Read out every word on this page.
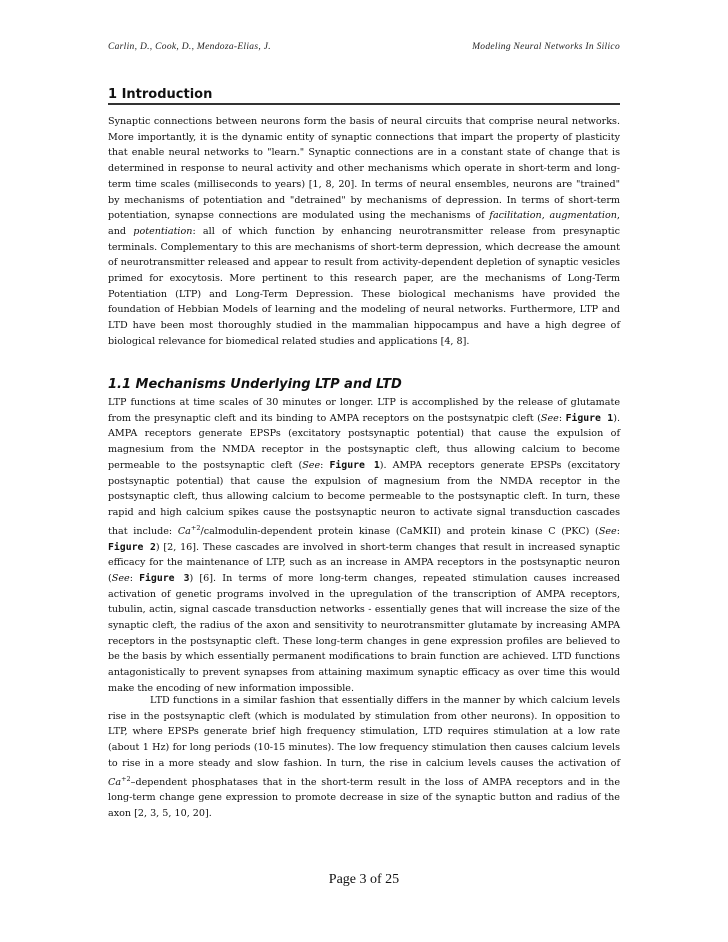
Carlin, D., Cook, D., Mendoza-Elias, J.	Modeling Neural Networks In Silico
1 Introduction
Synaptic connections between neurons form the basis of neural circuits that comprise neural networks. More importantly, it is the dynamic entity of synaptic connections that impart the property of plasticity that enable neural networks to "learn." Synaptic connections are in a constant state of change that is determined in response to neural activity and other mechanisms which operate in short-term and long-term time scales (milliseconds to years) [1, 8, 20]. In terms of neural ensembles, neurons are "trained" by mechanisms of potentiation and "detrained" by mechanisms of depression. In terms of short-term potentiation, synapse connections are modulated using the mechanisms of facilitation, augmentation, and potentiation: all of which function by enhancing neurotransmitter release from presynaptic terminals. Complementary to this are mechanisms of short-term depression, which decrease the amount of neurotransmitter released and appear to result from activity-dependent depletion of synaptic vesicles primed for exocytosis. More pertinent to this research paper, are the mechanisms of Long-Term Potentiation (LTP) and Long-Term Depression. These biological mechanisms have provided the foundation of Hebbian Models of learning and the modeling of neural networks. Furthermore, LTP and LTD have been most thoroughly studied in the mammalian hippocampus and have a high degree of biological relevance for biomedical related studies and applications [4, 8].
1.1 Mechanisms Underlying LTP and LTD
LTP functions at time scales of 30 minutes or longer. LTP is accomplished by the release of glutamate from the presynaptic cleft and its binding to AMPA receptors on the postsynatpic cleft (See: Figure 1). AMPA receptors generate EPSPs (excitatory postsynaptic potential) that cause the expulsion of magnesium from the NMDA receptor in the postsynaptic cleft, thus allowing calcium to become permeable to the postsynaptic cleft (See: Figure 1). AMPA receptors generate EPSPs (excitatory postsynaptic potential) that cause the expulsion of magnesium from the NMDA receptor in the postsynaptic cleft, thus allowing calcium to become permeable to the postsynaptic cleft. In turn, these rapid and high calcium spikes cause the postsynaptic neuron to activate signal transduction cascades that include: $Ca^{+2}/calmodulin$-dependent protein kinase (CaMKII) and protein kinase C (PKC) (See: Figure 2) [2, 16]. These cascades are involved in short-term changes that result in increased synaptic efficacy for the maintenance of LTP, such as an increase in AMPA receptors in the postsynaptic neuron (See: Figure 3) [6]. In terms of more long-term changes, repeated stimulation causes increased activation of genetic programs involved in the upregulation of the transcription of AMPA receptors, tubulin, actin, signal cascade transduction networks - essentially genes that will increase the size of the synaptic cleft, the radius of the axon and sensitivity to neurotransmitter glutamate by increasing AMPA receptors in the postsynaptic cleft. These long-term changes in gene expression profiles are believed to be the basis by which essentially permanent modifications to brain function are achieved. LTD functions antagonistically to prevent synapses from attaining maximum synaptic efficacy as over time this would make the encoding of new information impossible.
LTD functions in a similar fashion that essentially differs in the manner by which calcium levels rise in the postsynaptic cleft (which is modulated by stimulation from other neurons). In opposition to LTP, where EPSPs generate brief high frequency stimulation, LTD requires stimulation at a low rate (about 1 Hz) for long periods (10-15 minutes). The low frequency stimulation then causes calcium levels to rise in a more steady and slow fashion. In turn, the rise in calcium levels causes the activation of $Ca^{+2}$–dependent phosphatases that in the short-term result in the loss of AMPA receptors and in the long-term change gene expression to promote decrease in size of the synaptic button and radius of the axon [2, 3, 5, 10, 20].
Page 3 of 25
